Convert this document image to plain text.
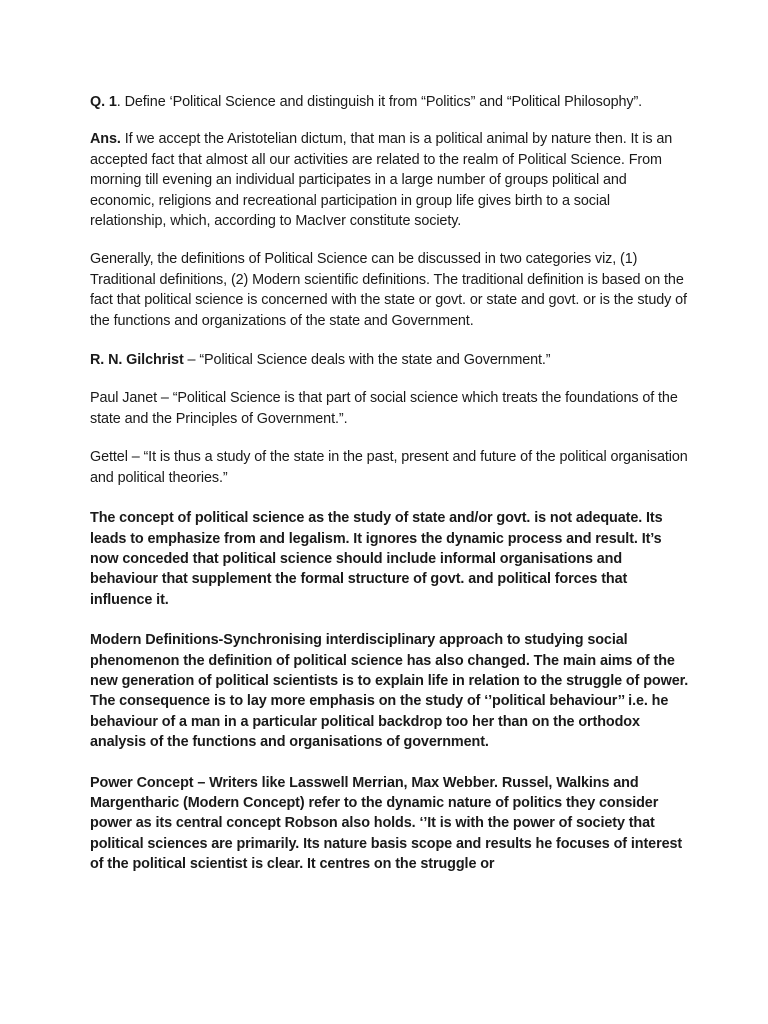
Q. 1. Define ‘Political Science and distinguish it from “Politics” and “Political Philosophy”.

Ans. If we accept the Aristotelian dictum, that man is a political animal by nature then. It is an accepted fact that almost all our activities are related to the realm of Political Science. From morning till evening an individual participates in a large number of groups political and economic, religions and recreational participation in group life gives birth to a social relationship, which, according to MacIver constitute society.

Generally, the definitions of Political Science can be discussed in two categories viz, (1) Traditional definitions, (2) Modern scientific definitions. The traditional definition is based on the fact that political science is concerned with the state or govt. or state and govt. or is the study of the functions and organizations of the state and Government.

R. N. Gilchrist – “Political Science deals with the state and Government.”

Paul Janet – “Political Science is that part of social science which treats the foundations of the state and the Principles of Government.”.

Gettel – “It is thus a study of the state in the past, present and future of the political organisation and political theories.”

The concept of political science as the study of state and/or govt. is not adequate. Its leads to emphasize from and legalism. It ignores the dynamic process and result. It’s now conceded that political science should include informal organisations and behaviour that supplement the formal structure of govt. and political forces that influence it.

Modern Definitions-Synchronising interdisciplinary approach to studying social phenomenon the definition of political science has also changed. The main aims of the new generation of political scientists is to explain life in relation to the struggle of power. The consequence is to lay more emphasis on the study of ‘’political behaviour’’ i.e. he behaviour of a man in a particular political backdrop too her than on the orthodox analysis of the functions and organisations of government.

Power Concept – Writers like Lasswell Merrian, Max Webber. Russel, Walkins and Margentharic (Modern Concept) refer to the dynamic nature of politics they consider power as its central concept Robson also holds. ‘’It is with the power of society that political sciences are primarily. Its nature basis scope and results he focuses of interest of the political scientist is clear. It centres on the struggle or
